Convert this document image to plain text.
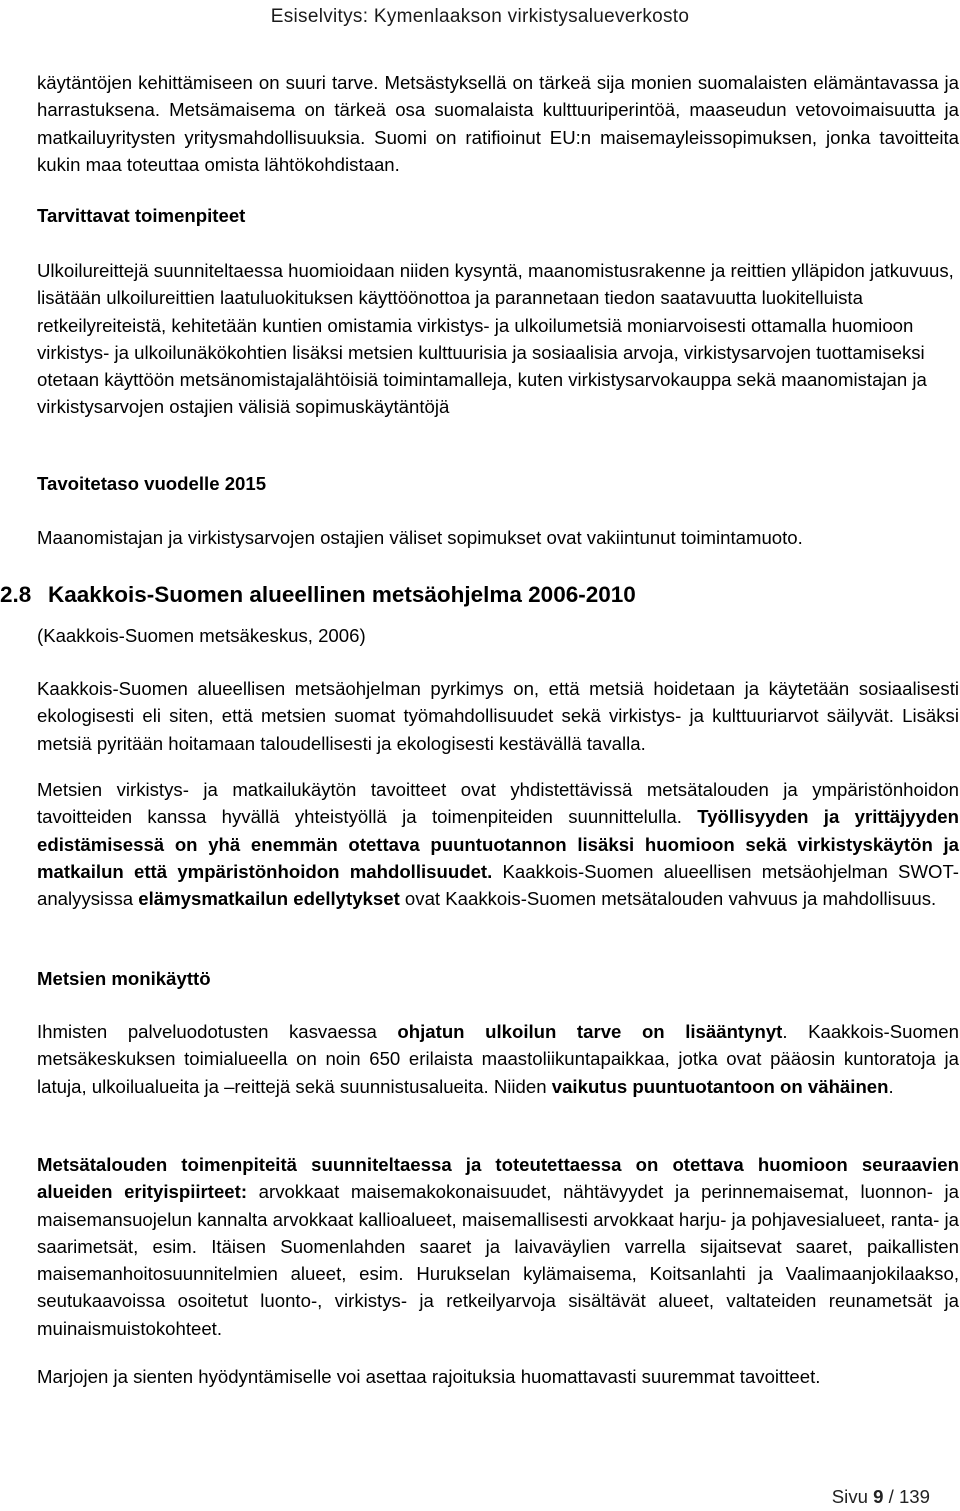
Esiselvitys: Kymenlaakson virkistysalueverkosto

käytäntöjen kehittämiseen on suuri tarve. Metsästyksellä on tärkeä sija monien suomalaisten elämäntavassa ja harrastuksena. Metsämaisema on tärkeä osa suomalaista kulttuuriperintöä, maaseudun vetovoimaisuutta ja matkailuyritysten yritysmahdollisuuksia. Suomi on ratifioinut EU:n maisemayleissopimuksen, jonka tavoitteita kukin maa toteuttaa omista lähtökohdistaan.

Tarvittavat toimenpiteet

Ulkoilureittejä suunniteltaessa huomioidaan niiden kysyntä, maanomistusrakenne ja reittien ylläpidon jatkuvuus, lisätään ulkoilureittien laatuluokituksen käyttöönottoa ja parannetaan tiedon saatavuutta luokitelluista retkeilyreiteistä, kehitetään kuntien omistamia virkistys- ja ulkoilumetsiä moniarvoisesti ottamalla huomioon virkistys- ja ulkoilunäkökohtien lisäksi metsien kulttuurisia ja sosiaalisia arvoja, virkistysarvojen tuottamiseksi otetaan käyttöön metsänomistajalähtöisiä toimintamalleja, kuten virkistysarvokauppa sekä maanomistajan ja virkistysarvojen ostajien välisiä sopimuskäytäntöjä

Tavoitetaso vuodelle 2015

Maanomistajan ja virkistysarvojen ostajien väliset sopimukset ovat vakiintunut toimintamuoto.

2.8 Kaakkois-Suomen alueellinen metsäohjelma 2006-2010

(Kaakkois-Suomen metsäkeskus, 2006)

Kaakkois-Suomen alueellisen metsäohjelman pyrkimys on, että metsiä hoidetaan ja käytetään sosiaalisesti ekologisesti eli siten, että metsien suomat työmahdollisuudet sekä virkistys- ja kulttuuriarvot säilyvät. Lisäksi metsiä pyritään hoitamaan taloudellisesti ja ekologisesti kestävällä tavalla.

Metsien virkistys- ja matkailukäytön tavoitteet ovat yhdistettävissä metsätalouden ja ympäristönhoidon tavoitteiden kanssa hyvällä yhteistyöllä ja toimenpiteiden suunnittelulla. Työllisyyden ja yrittäjyyden edistämisessä on yhä enemmän otettava puuntuotannon lisäksi huomioon sekä virkistyskäytön ja matkailun että ympäristönhoidon mahdollisuudet. Kaakkois-Suomen alueellisen metsäohjelman SWOT-analyysissa elämysmatkailun edellytykset ovat Kaakkois-Suomen metsätalouden vahvuus ja mahdollisuus.

Metsien monikäyttö

Ihmisten palveluodotusten kasvaessa ohjatun ulkoilun tarve on lisääntynyt. Kaakkois-Suomen metsäkeskuksen toimialueella on noin 650 erilaista maastoliikuntapaikkaa, jotka ovat pääosin kuntoratoja ja latuja, ulkoilualueita ja –reittejä sekä suunnistusalueita. Niiden vaikutus puuntuotantoon on vähäinen.

Metsätalouden toimenpiteitä suunniteltaessa ja toteutettaessa on otettava huomioon seuraavien alueiden erityispiirteet: arvokkaat maisemakokonaisuudet, nähtävyydet ja perinnemaisemat, luonnon- ja maisemansuojelun kannalta arvokkaat kallioalueet, maisemallisesti arvokkaat harju- ja pohjavesialueet, ranta- ja saarimetsät, esim. Itäisen Suomenlahden saaret ja laivaväylien varrella sijaitsevat saaret, paikallisten maisemanhoitosuunnitelmien alueet, esim. Hurukselan kylämaisema, Koitsanlahti ja Vaalimaanjokilaakso, seutukaavoissa osoitetut luonto-, virkistys- ja retkeilyarvoja sisältävät alueet, valtateiden reunametsät ja muinaismuistokohteet.

Marjojen ja sienten hyödyntämiselle voi asettaa rajoituksia huomattavasti suuremmat tavoitteet.

Sivu 9 / 139
